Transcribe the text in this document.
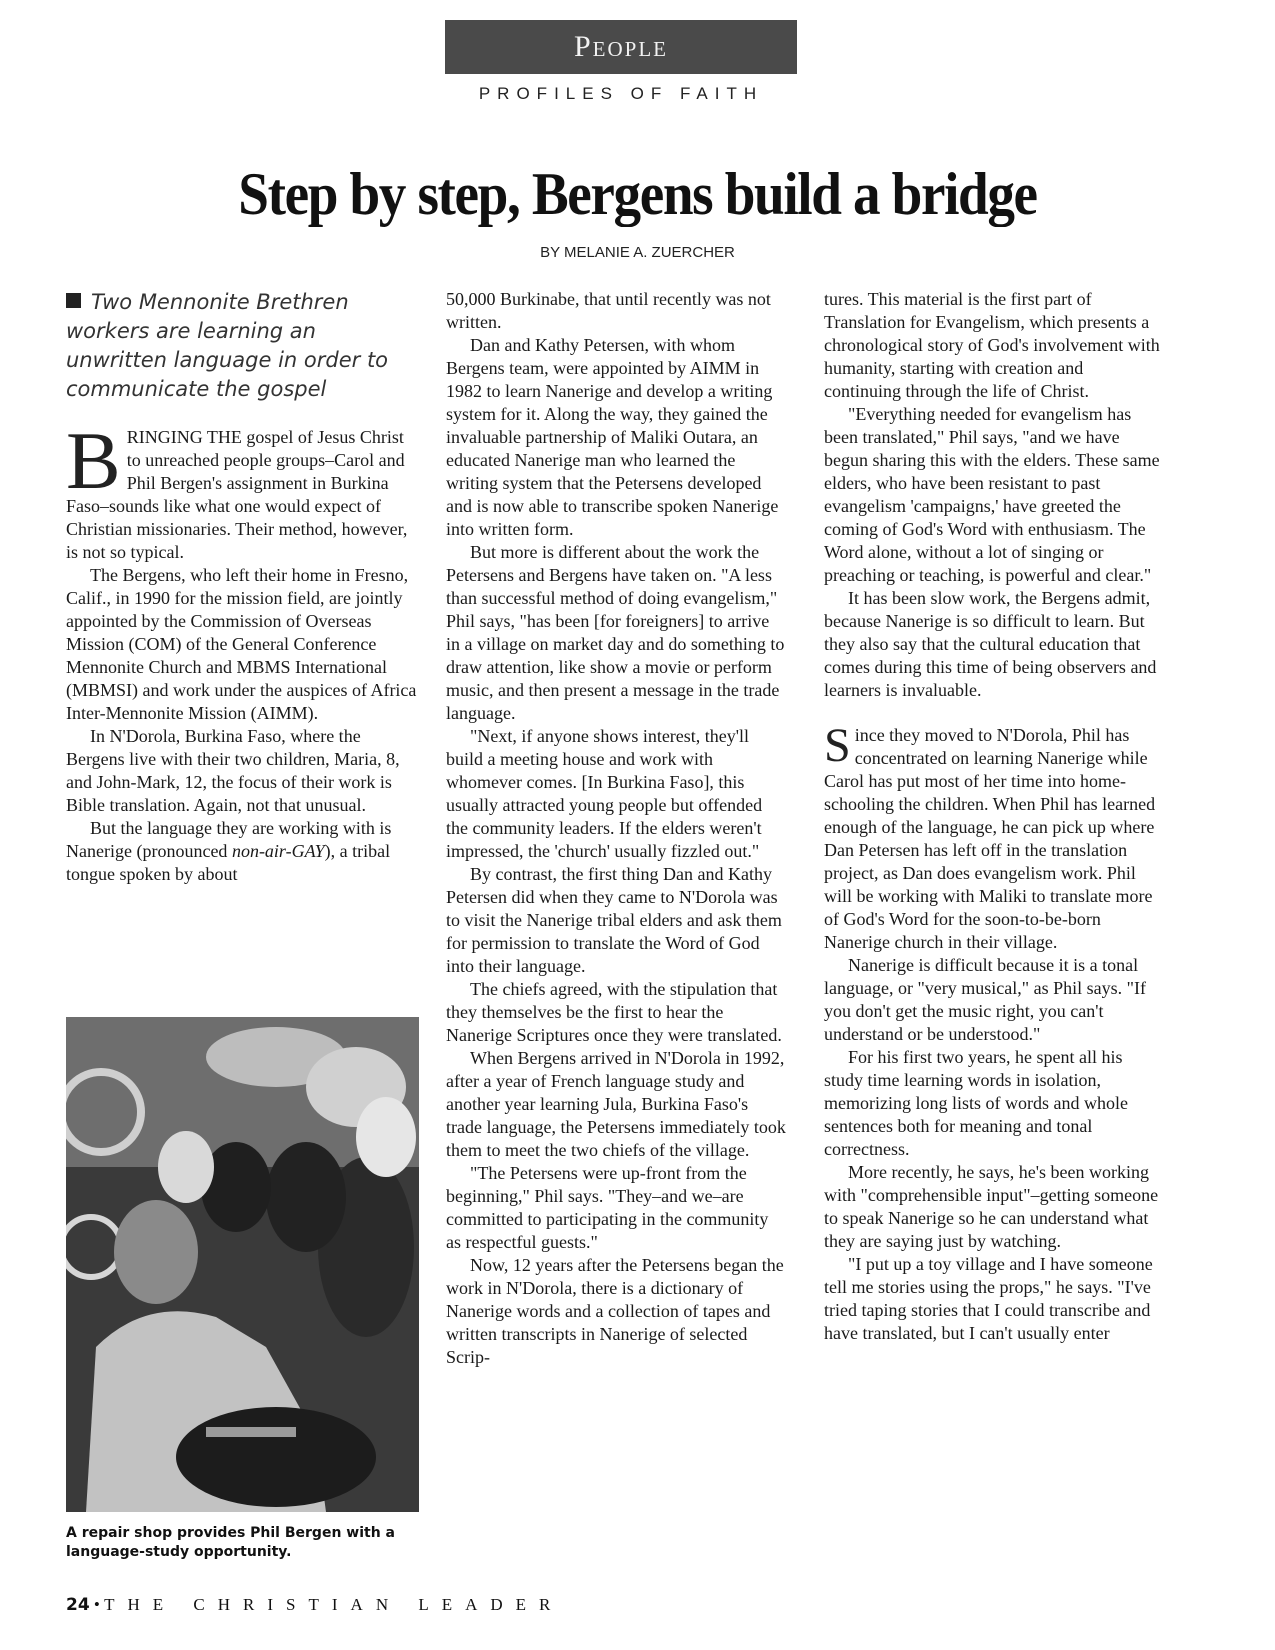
People
PROFILES OF FAITH
Step by step, Bergens build a bridge
BY MELANIE A. ZUERCHER
Two Mennonite Brethren workers are learning an unwritten language in order to communicate the gospel

BRINGING THE gospel of Jesus Christ to unreached people groups–Carol and Phil Bergen's assignment in Burkina Faso–sounds like what one would expect of Christian missionaries. Their method, however, is not so typical.

The Bergens, who left their home in Fresno, Calif., in 1990 for the mission field, are jointly appointed by the Commission of Overseas Mission (COM) of the General Conference Mennonite Church and MBMS International (MBMSI) and work under the auspices of Africa Inter-Mennonite Mission (AIMM).

In N'Dorola, Burkina Faso, where the Bergens live with their two children, Maria, 8, and John-Mark, 12, the focus of their work is Bible translation. Again, not that unusual.

But the language they are working with is Nanerige (pronounced non-air-GAY), a tribal tongue spoken by about

A repair shop provides Phil Bergen with a language-study opportunity.

50,000 Burkinabe, that until recently was not written.

Dan and Kathy Petersen, with whom Bergens team, were appointed by AIMM in 1982 to learn Nanerige and develop a writing system for it. Along the way, they gained the invaluable partnership of Maliki Outara, an educated Nanerige man who learned the writing system that the Petersens developed and is now able to transcribe spoken Nanerige into written form.

But more is different about the work the Petersens and Bergens have taken on. "A less than successful method of doing evangelism," Phil says, "has been [for foreigners] to arrive in a village on market day and do something to draw attention, like show a movie or perform music, and then present a message in the trade language.

"Next, if anyone shows interest, they'll build a meeting house and work with whomever comes. [In Burkina Faso], this usually attracted young people but offended the community leaders. If the elders weren't impressed, the 'church' usually fizzled out."

By contrast, the first thing Dan and Kathy Petersen did when they came to N'Dorola was to visit the Nanerige tribal elders and ask them for permission to translate the Word of God into their language.

The chiefs agreed, with the stipulation that they themselves be the first to hear the Nanerige Scriptures once they were translated.

When Bergens arrived in N'Dorola in 1992, after a year of French language study and another year learning Jula, Burkina Faso's trade language, the Petersens immediately took them to meet the two chiefs of the village.

"The Petersens were up-front from the beginning," Phil says. "They–and we–are committed to participating in the community as respectful guests."

Now, 12 years after the Petersens began the work in N'Dorola, there is a dictionary of Nanerige words and a collection of tapes and written transcripts in Nanerige of selected Scrip-

tures. This material is the first part of Translation for Evangelism, which presents a chronological story of God's involvement with humanity, starting with creation and continuing through the life of Christ.

"Everything needed for evangelism has been translated," Phil says, "and we have begun sharing this with the elders. These same elders, who have been resistant to past evangelism 'campaigns,' have greeted the coming of God's Word with enthusiasm. The Word alone, without a lot of singing or preaching or teaching, is powerful and clear."

It has been slow work, the Bergens admit, because Nanerige is so difficult to learn. But they also say that the cultural education that comes during this time of being observers and learners is invaluable.

Since they moved to N'Dorola, Phil has concentrated on learning Nanerige while Carol has put most of her time into home-schooling the children. When Phil has learned enough of the language, he can pick up where Dan Petersen has left off in the translation project, as Dan does evangelism work. Phil will be working with Maliki to translate more of God's Word for the soon-to-be-born Nanerige church in their village.

Nanerige is difficult because it is a tonal language, or "very musical," as Phil says. "If you don't get the music right, you can't understand or be understood."

For his first two years, he spent all his study time learning words in isolation, memorizing long lists of words and whole sentences both for meaning and tonal correctness.

More recently, he says, he's been working with "comprehensible input"–getting someone to speak Nanerige so he can understand what they are saying just by watching.

"I put up a toy village and I have someone tell me stories using the props," he says. "I've tried taping stories that I could transcribe and have translated, but I can't usually enter

24 • THE CHRISTIAN LEADER
